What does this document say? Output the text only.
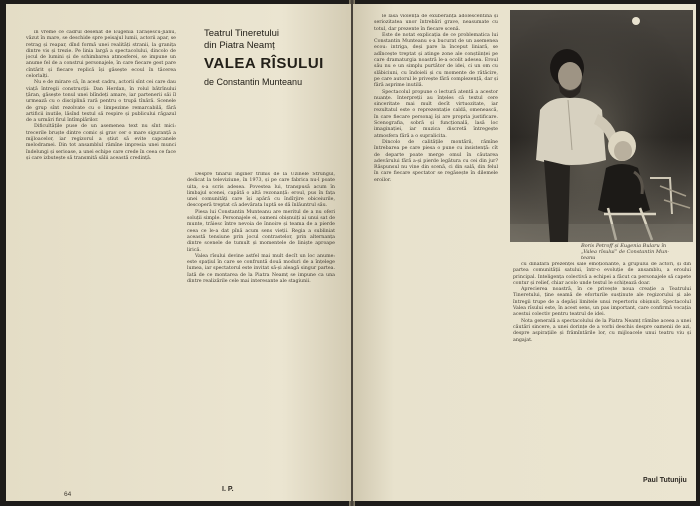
în vreme ce cadrul desenat de Eugenia Tărășescu-Jianu, văzut în mare, se deschide spre peisajul lumii, actorii apar, se retrag și reapar, dînd formă unei realități stranii, la granița dintre vis și trezie. Pe linia largă a spectacolului, dincolo de jocul de lumini și de schimbarea atmosferei, se impune un anume fel de a construi personajele, în care fiecare gest pare cîntărit și fiecare replică își găsește ecoul în tăcerea celorlalți.

Nu e de mirare că, în acest cadru, actorii sînt cei care dau viață întregii construcții: Dan Herdan, în rolul bătrînului țăran, găsește tonul unei blîndeți amare, iar partenerii săi îl urmează cu o disciplină rară pentru o trupă tînără. Scenele de grup sînt rezolvate cu o limpezime remarcabilă, fără artificii inutile, lăsînd textul să respire și publicului răgazul de a urmări firul întîmplărilor.

Dificultățile puse de un asemenea text nu sînt mici: trecerile bruște dintre comic și grav cer o mare siguranță a mijloacelor, iar regizorul a știut să evite capcanele melodramei. Din tot ansamblul rămîne impresia unei munci îndelungi și serioase, a unei echipe care crede în ceea ce face și care izbutește să transmită sălii această credință.

Teatrul Tineretului
din Piatra Neamț
VALEA RÎSULUI
de Constantin Munteanu

Despre tînărul inginer trimis de la Uzinele Strungul, dedicat la televiziune, în 1973, și pe care fabrica nu-l poate uita, s-a scris adesea. Povestea lui, transpusă acum în limbajul scenei, capătă o altă rezonanță: eroul, pus în fața unei comunități care își apără cu îndîrjire obiceiurile, descoperă treptat că adevărata luptă se dă înlăuntrul său.

Piesa lui Constantin Munteanu are meritul de a nu oferi soluții simple. Personajele ei, oameni obișnuiți ai unui sat de munte, trăiesc între nevoia de înnoire și teama de a pierde ceea ce le-a dat pînă acum sens vieții. Regia a subliniat această tensiune prin jocul contrastelor, prin alternanța dintre scenele de tumult și momentele de liniște aproape lirică.

Valea rîsului devine astfel mai mult decît un loc anume: este spațiul în care se confruntă două moduri de a înțelege lumea, iar spectatorul este invitat să-și aleagă singur partea. Iată de ce montarea de la Piatra Neamț se impune ca una dintre realizările cele mai interesante ale stagiunii.

I. P.
64

le lasă violența de exuberanță adolescentină și seriozitatea unor întrebări grave, neasumate cu totul, dar prezente în fiecare scenă.

Este de notat explicația de ce problematica lui Constantin Munteanu s-a bucurat de un asemenea ecou: intriga, deși pare la început liniară, se adîncește treptat și atinge zone ale conștiinței pe care dramaturgia noastră le-a ocolit adesea. Eroul său nu e un simplu purtător de idei, ci un om cu slăbiciuni, cu îndoieli și cu momente de rătăcire, pe care autorul le privește fără complezență, dar și fără asprime inutilă.

Spectacolul propune o lectură atentă a acestor nuanțe. Interpreții au înțeles că textul cere sinceritate mai mult decît virtuozitate, iar rezultatul este o reprezentație caldă, omenească, în care fiecare personaj își are propria justificare. Scenografia, sobră și funcțională, lasă loc imaginației, iar muzica discretă întregește atmosfera fără a o supralicita.

Dincolo de calitățile montării, rămîne întrebarea pe care piesa o pune cu insistență: cît de departe poate merge omul în căutarea adevărului fără a-și pierde legătura cu cei din jur? Răspunsul nu vine din scenă, ci din sală, din felul în care fiecare spectator se regăsește în dilemele eroilor.

Boris Petroff și Eugenia Bularu în
„Valea rîsului” de Constantin Mun-
teanu

cu dinafară prezenței sale emoționante, a grupului de actori, și din partea comunității satului, într-o evoluție de ansamblu, a eroului principal. Inteligența colectivă a echipei a făcut ca personajele să capete contur și relief, chiar acolo unde textul le schițează doar.

Aprecierea noastră, în ce privește noua creație a Teatrului Tineretului, ține seamă de eforturile susținute ale regizorului și ale întregii trupe de a depăși limitele unui repertoriu obișnuit. Spectacolul Valea rîsului este, în acest sens, un pas important, care confirmă vocația acestui colectiv pentru teatrul de idei.

Nota generală a spectacolului de la Piatra Neamț rămîne aceea a unei căutări sincere, a unei dorințe de a vorbi deschis despre oamenii de azi, despre aspirațiile și frămîntările lor, cu mijloacele unui teatru viu și angajat.

Paul Tutunjiu
